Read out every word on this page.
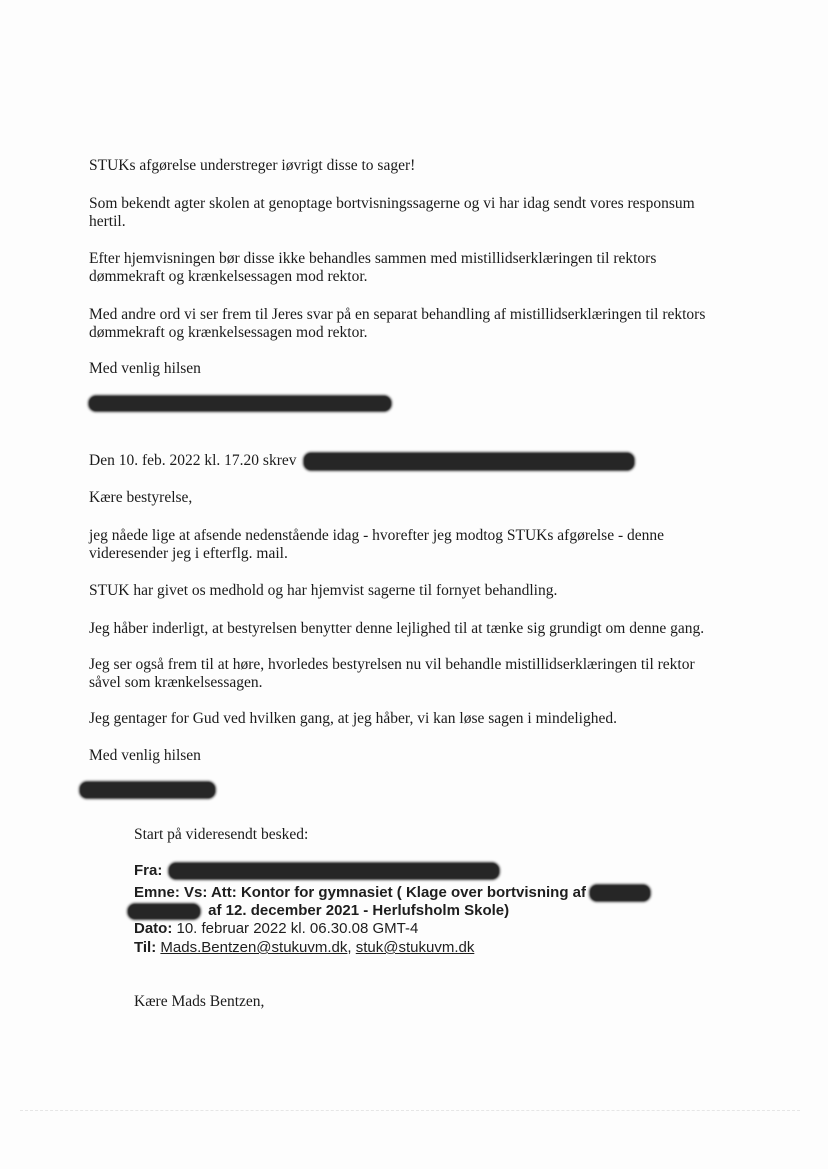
STUKs afgørelse understreger iøvrigt disse to sager!

Som bekendt agter skolen at genoptage bortvisningssagerne og vi har idag sendt vores responsum hertil.

Efter hjemvisningen bør disse ikke behandles sammen med mistillidserklæringen til rektors dømmekraft og krænkelsessagen mod rektor.

Med andre ord vi ser frem til Jeres svar på en separat behandling af mistillidserklæringen til rektors dømmekraft og krænkelsessagen mod rektor.

Med venlig hilsen

Den 10. feb. 2022 kl. 17.20 skrev

Kære bestyrelse,

jeg nåede lige at afsende nedenstående idag - hvorefter jeg modtog STUKs afgørelse - denne videresender jeg i efterflg. mail.

STUK har givet os medhold og har hjemvist sagerne til fornyet behandling.

Jeg håber inderligt, at bestyrelsen benytter denne lejlighed til at tænke sig grundigt om denne gang.

Jeg ser også frem til at høre, hvorledes bestyrelsen nu vil behandle mistillidserklæringen til rektor såvel som krænkelsessagen.

Jeg gentager for Gud ved hvilken gang, at jeg håber, vi kan løse sagen i mindelighed.

Med venlig hilsen

Start på videresendt besked:

Fra:
Emne: Vs: Att: Kontor for gymnasiet ( Klage over bortvisning af
af 12. december 2021 - Herlufsholm Skole)
Dato: 10. februar 2022 kl. 06.30.08 GMT-4
Til: Mads.Bentzen@stukuvm.dk, stuk@stukuvm.dk

Kære Mads Bentzen,
